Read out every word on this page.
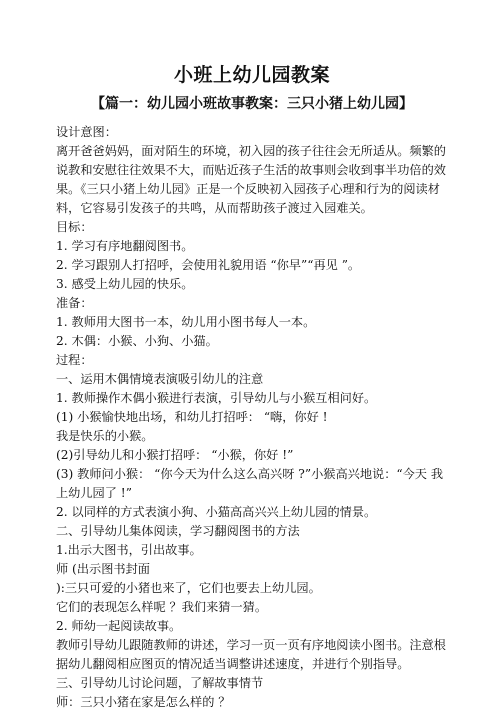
小班上幼儿园教案
【篇一：幼儿园小班故事教案：三只小猪上幼儿园】

设计意图：

离开爸爸妈妈，面对陌生的环境，初入园的孩子往往会无所适从。频繁的说教和安慰往往效果不大，而贴近孩子生活的故事则会收到事半功倍的效果。《三只小猪上幼儿园》正是一个反映初入园孩子心理和行为的阅读材料，它容易引发孩子的共鸣，从而帮助孩子渡过入园难关。

目标：

1. 学习有序地翻阅图书。

2. 学习跟别人打招呼，会使用礼貌用语 “你早”“再见 ”。

3. 感受上幼儿园的快乐。

准备：

1. 教师用大图书一本，幼儿用小图书每人一本。

2. 木偶：小猴、小狗、小猫。

过程：

一、运用木偶情境表演吸引幼儿的注意

1. 教师操作木偶小猴进行表演，引导幼儿与小猴互相问好。

(1) 小猴愉快地出场，和幼儿打招呼： “嗨，你好 !

我是快乐的小猴。

(2)引导幼儿和小猴打招呼： “小猴，你好 !”

(3) 教师问小猴： “你今天为什么这么高兴呀 ?”小猴高兴地说：“今天 我上幼儿园了 !”

2. 以同样的方式表演小狗、小猫高高兴兴上幼儿园的情景。

二、引导幼儿集体阅读，学习翻阅图书的方法

1.出示大图书，引出故事。

师 (出示图书封面

):三只可爱的小猪也来了，它们也要去上幼儿园。

它们的表现怎么样呢 ？我们来猜一猜。

2. 师幼一起阅读故事。

教师引导幼儿跟随教师的讲述，学习一页一页有序地阅读小图书。注意根据幼儿翻阅相应图页的情况适当调整讲述速度，并进行个别指导。

三、引导幼儿讨论问题，了解故事情节

师：三只小猪在家是怎么样的 ？
